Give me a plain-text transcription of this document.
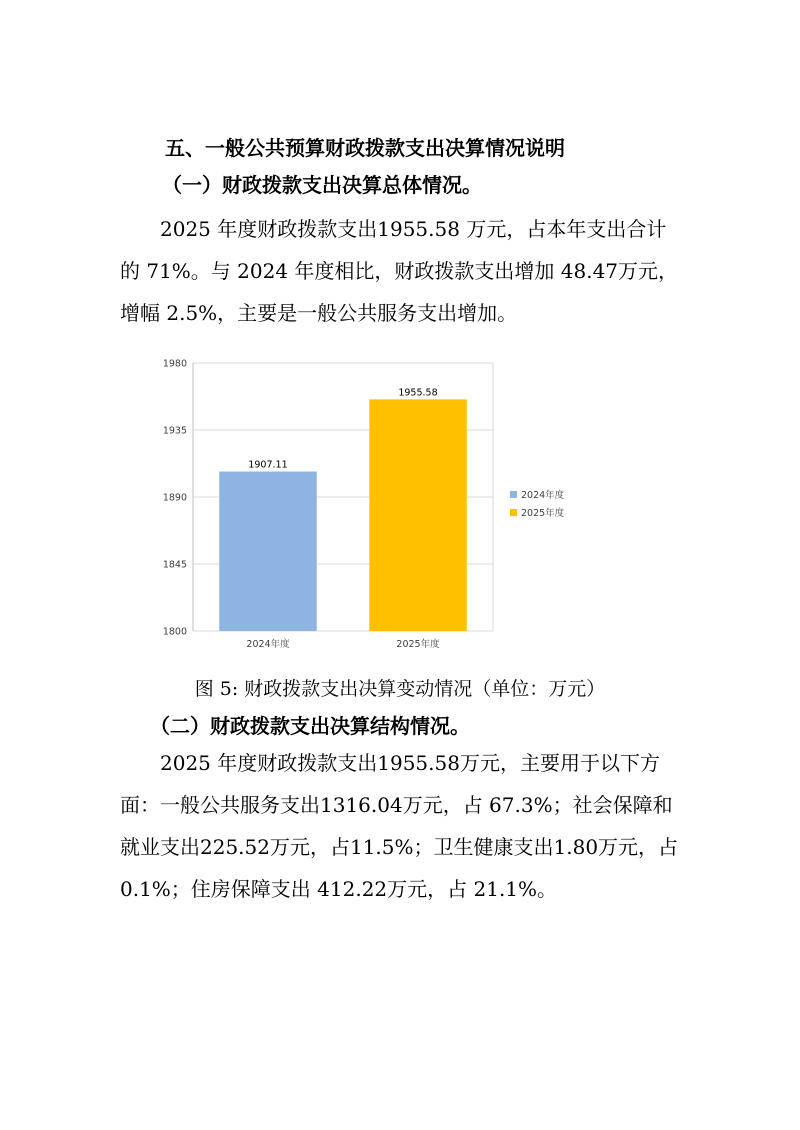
五、一般公共预算财政拨款支出决算情况说明
（一）财政拨款支出决算总体情况。

2025 年度财政拨款支出1955.58 万元，占本年支出合计

的 71%。与 2024 年度相比，财政拨款支出增加 48.47万元，
增幅 2.5%，主要是一般公共服务支出增加。

1800
1845
1890
1935
1980
1907.11
1955.58
2024年度	2025年度
2024年度
2025年度

图 5: 财政拨款支出决算变动情况（单位：万元）

（二）财政拨款支出决算结构情况。

2025 年度财政拨款支出1955.58万元，主要用于以下方

面：一般公共服务支出1316.04万元，占 67.3%；社会保障和
就业支出225.52万元，占11.5%；卫生健康支出1.80万元，占
0.1%；住房保障支出 412.22万元，占 21.1%。
